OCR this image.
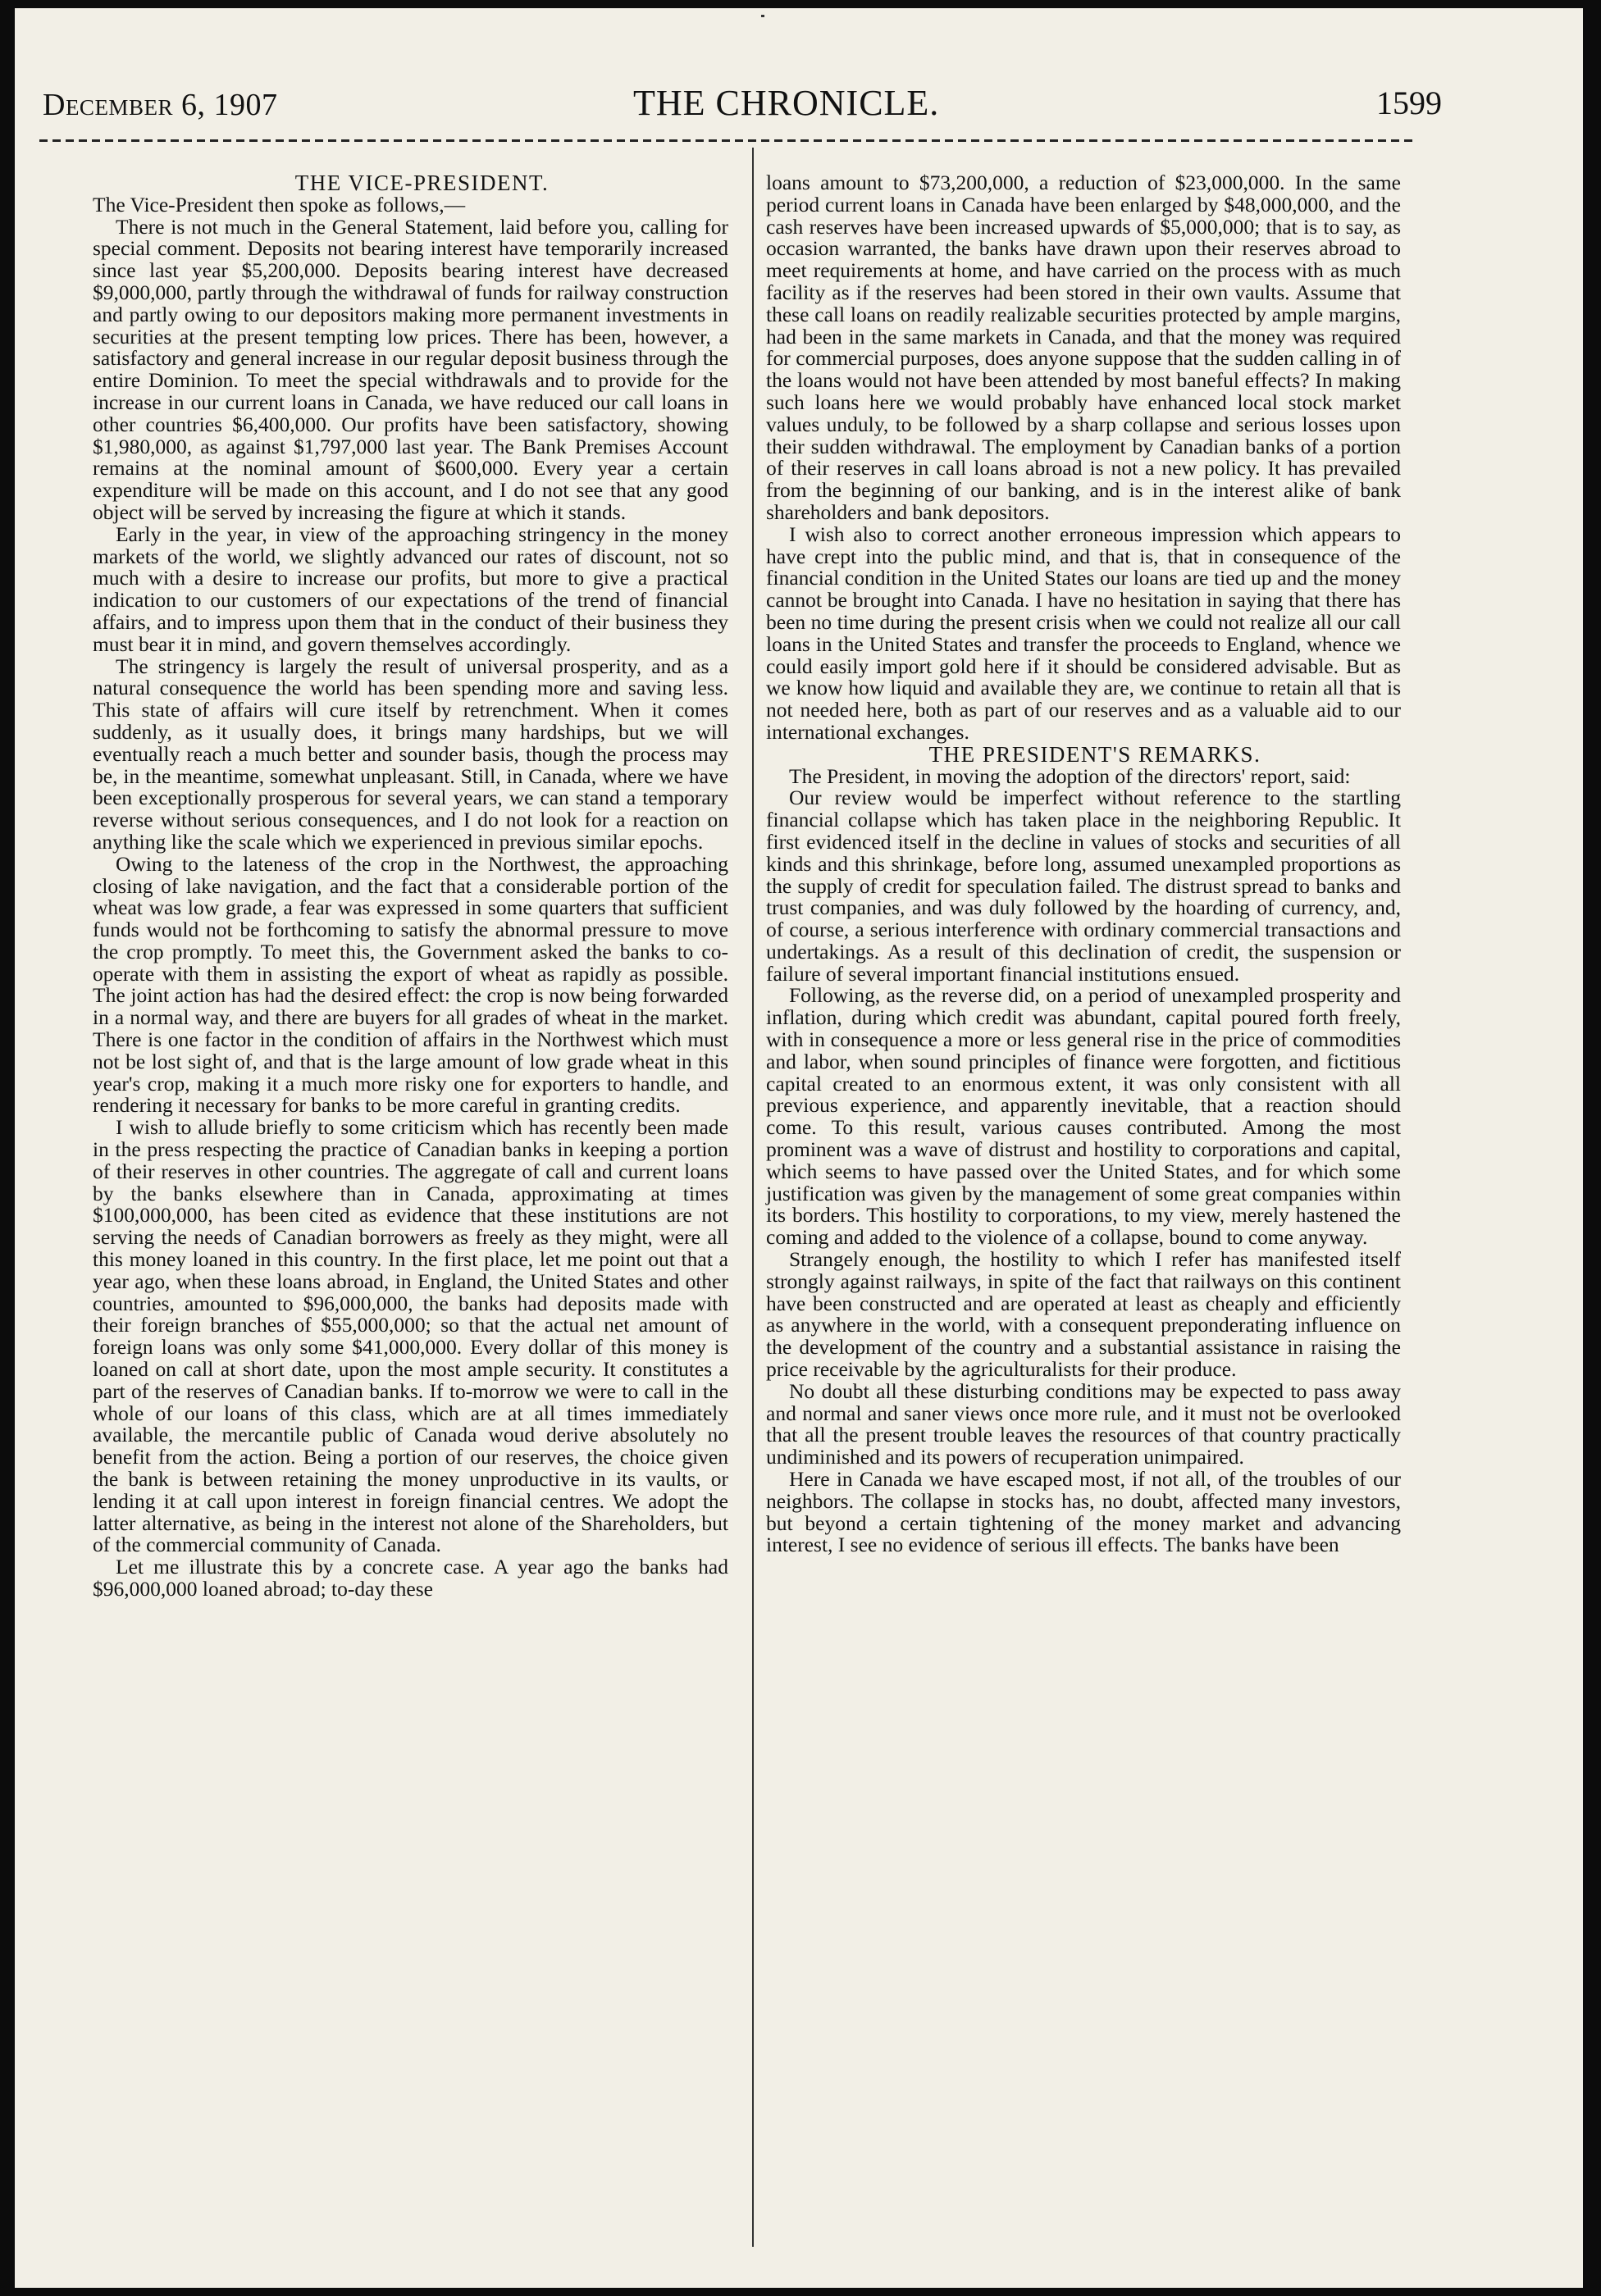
December 6, 1907	THE CHRONICLE.	1599

THE VICE-PRESIDENT.

The Vice-President then spoke as follows,—

There is not much in the General Statement, laid before you, calling for special comment. Deposits not bearing interest have temporarily increased since last year $5,200,000. Deposits bearing interest have decreased $9,000,000, partly through the withdrawal of funds for railway construction and partly owing to our depositors making more permanent investments in securities at the present tempting low prices. There has been, however, a satisfactory and general increase in our regular deposit business through the entire Dominion. To meet the special withdrawals and to provide for the increase in our current loans in Canada, we have reduced our call loans in other countries $6,400,000. Our profits have been satisfactory, showing $1,980,000, as against $1,797,000 last year. The Bank Premises Account remains at the nominal amount of $600,000. Every year a certain expenditure will be made on this account, and I do not see that any good object will be served by increasing the figure at which it stands.

Early in the year, in view of the approaching stringency in the money markets of the world, we slightly advanced our rates of discount, not so much with a desire to increase our profits, but more to give a practical indication to our customers of our expectations of the trend of financial affairs, and to impress upon them that in the conduct of their business they must bear it in mind, and govern themselves accordingly.

The stringency is largely the result of universal prosperity, and as a natural consequence the world has been spending more and saving less. This state of affairs will cure itself by retrenchment. When it comes suddenly, as it usually does, it brings many hardships, but we will eventually reach a much better and sounder basis, though the process may be, in the meantime, somewhat unpleasant. Still, in Canada, where we have been exceptionally prosperous for several years, we can stand a temporary reverse without serious consequences, and I do not look for a reaction on anything like the scale which we experienced in previous similar epochs.

Owing to the lateness of the crop in the Northwest, the approaching closing of lake navigation, and the fact that a considerable portion of the wheat was low grade, a fear was expressed in some quarters that sufficient funds would not be forthcoming to satisfy the abnormal pressure to move the crop promptly. To meet this, the Government asked the banks to co-operate with them in assisting the export of wheat as rapidly as possible. The joint action has had the desired effect: the crop is now being forwarded in a normal way, and there are buyers for all grades of wheat in the market. There is one factor in the condition of affairs in the Northwest which must not be lost sight of, and that is the large amount of low grade wheat in this year's crop, making it a much more risky one for exporters to handle, and rendering it necessary for banks to be more careful in granting credits.

I wish to allude briefly to some criticism which has recently been made in the press respecting the practice of Canadian banks in keeping a portion of their reserves in other countries. The aggregate of call and current loans by the banks elsewhere than in Canada, approximating at times $100,000,000, has been cited as evidence that these institutions are not serving the needs of Canadian borrowers as freely as they might, were all this money loaned in this country. In the first place, let me point out that a year ago, when these loans abroad, in England, the United States and other countries, amounted to $96,000,000, the banks had deposits made with their foreign branches of $55,000,000; so that the actual net amount of foreign loans was only some $41,000,000. Every dollar of this money is loaned on call at short date, upon the most ample security. It constitutes a part of the reserves of Canadian banks. If to-morrow we were to call in the whole of our loans of this class, which are at all times immediately available, the mercantile public of Canada woud derive absolutely no benefit from the action. Being a portion of our reserves, the choice given the bank is between retaining the money unproductive in its vaults, or lending it at call upon interest in foreign financial centres. We adopt the latter alternative, as being in the interest not alone of the Shareholders, but of the commercial community of Canada.

Let me illustrate this by a concrete case. A year ago the banks had $96,000,000 loaned abroad; to-day these

loans amount to $73,200,000, a reduction of $23,000,000. In the same period current loans in Canada have been enlarged by $48,000,000, and the cash reserves have been increased upwards of $5,000,000; that is to say, as occasion warranted, the banks have drawn upon their reserves abroad to meet requirements at home, and have carried on the process with as much facility as if the reserves had been stored in their own vaults. Assume that these call loans on readily realizable securities protected by ample margins, had been in the same markets in Canada, and that the money was required for commercial purposes, does anyone suppose that the sudden calling in of the loans would not have been attended by most baneful effects? In making such loans here we would probably have enhanced local stock market values unduly, to be followed by a sharp collapse and serious losses upon their sudden withdrawal. The employment by Canadian banks of a portion of their reserves in call loans abroad is not a new policy. It has prevailed from the beginning of our banking, and is in the interest alike of bank shareholders and bank depositors.

I wish also to correct another erroneous impression which appears to have crept into the public mind, and that is, that in consequence of the financial condition in the United States our loans are tied up and the money cannot be brought into Canada. I have no hesitation in saying that there has been no time during the present crisis when we could not realize all our call loans in the United States and transfer the proceeds to England, whence we could easily import gold here if it should be considered advisable. But as we know how liquid and available they are, we continue to retain all that is not needed here, both as part of our reserves and as a valuable aid to our international exchanges.

THE PRESIDENT'S REMARKS.

The President, in moving the adoption of the directors' report, said:

Our review would be imperfect without reference to the startling financial collapse which has taken place in the neighboring Republic. It first evidenced itself in the decline in values of stocks and securities of all kinds and this shrinkage, before long, assumed unexampled proportions as the supply of credit for speculation failed. The distrust spread to banks and trust companies, and was duly followed by the hoarding of currency, and, of course, a serious interference with ordinary commercial transactions and undertakings. As a result of this declination of credit, the suspension or failure of several important financial institutions ensued.

Following, as the reverse did, on a period of unexampled prosperity and inflation, during which credit was abundant, capital poured forth freely, with in consequence a more or less general rise in the price of commodities and labor, when sound principles of finance were forgotten, and fictitious capital created to an enormous extent, it was only consistent with all previous experience, and apparently inevitable, that a reaction should come. To this result, various causes contributed. Among the most prominent was a wave of distrust and hostility to corporations and capital, which seems to have passed over the United States, and for which some justification was given by the management of some great companies within its borders. This hostility to corporations, to my view, merely hastened the coming and added to the violence of a collapse, bound to come anyway.

Strangely enough, the hostility to which I refer has manifested itself strongly against railways, in spite of the fact that railways on this continent have been constructed and are operated at least as cheaply and efficiently as anywhere in the world, with a consequent preponderating influence on the development of the country and a substantial assistance in raising the price receivable by the agriculturalists for their produce.

No doubt all these disturbing conditions may be expected to pass away and normal and saner views once more rule, and it must not be overlooked that all the present trouble leaves the resources of that country practically undiminished and its powers of recuperation unimpaired.

Here in Canada we have escaped most, if not all, of the troubles of our neighbors. The collapse in stocks has, no doubt, affected many investors, but beyond a certain tightening of the money market and advancing interest, I see no evidence of serious ill effects. The banks have been
